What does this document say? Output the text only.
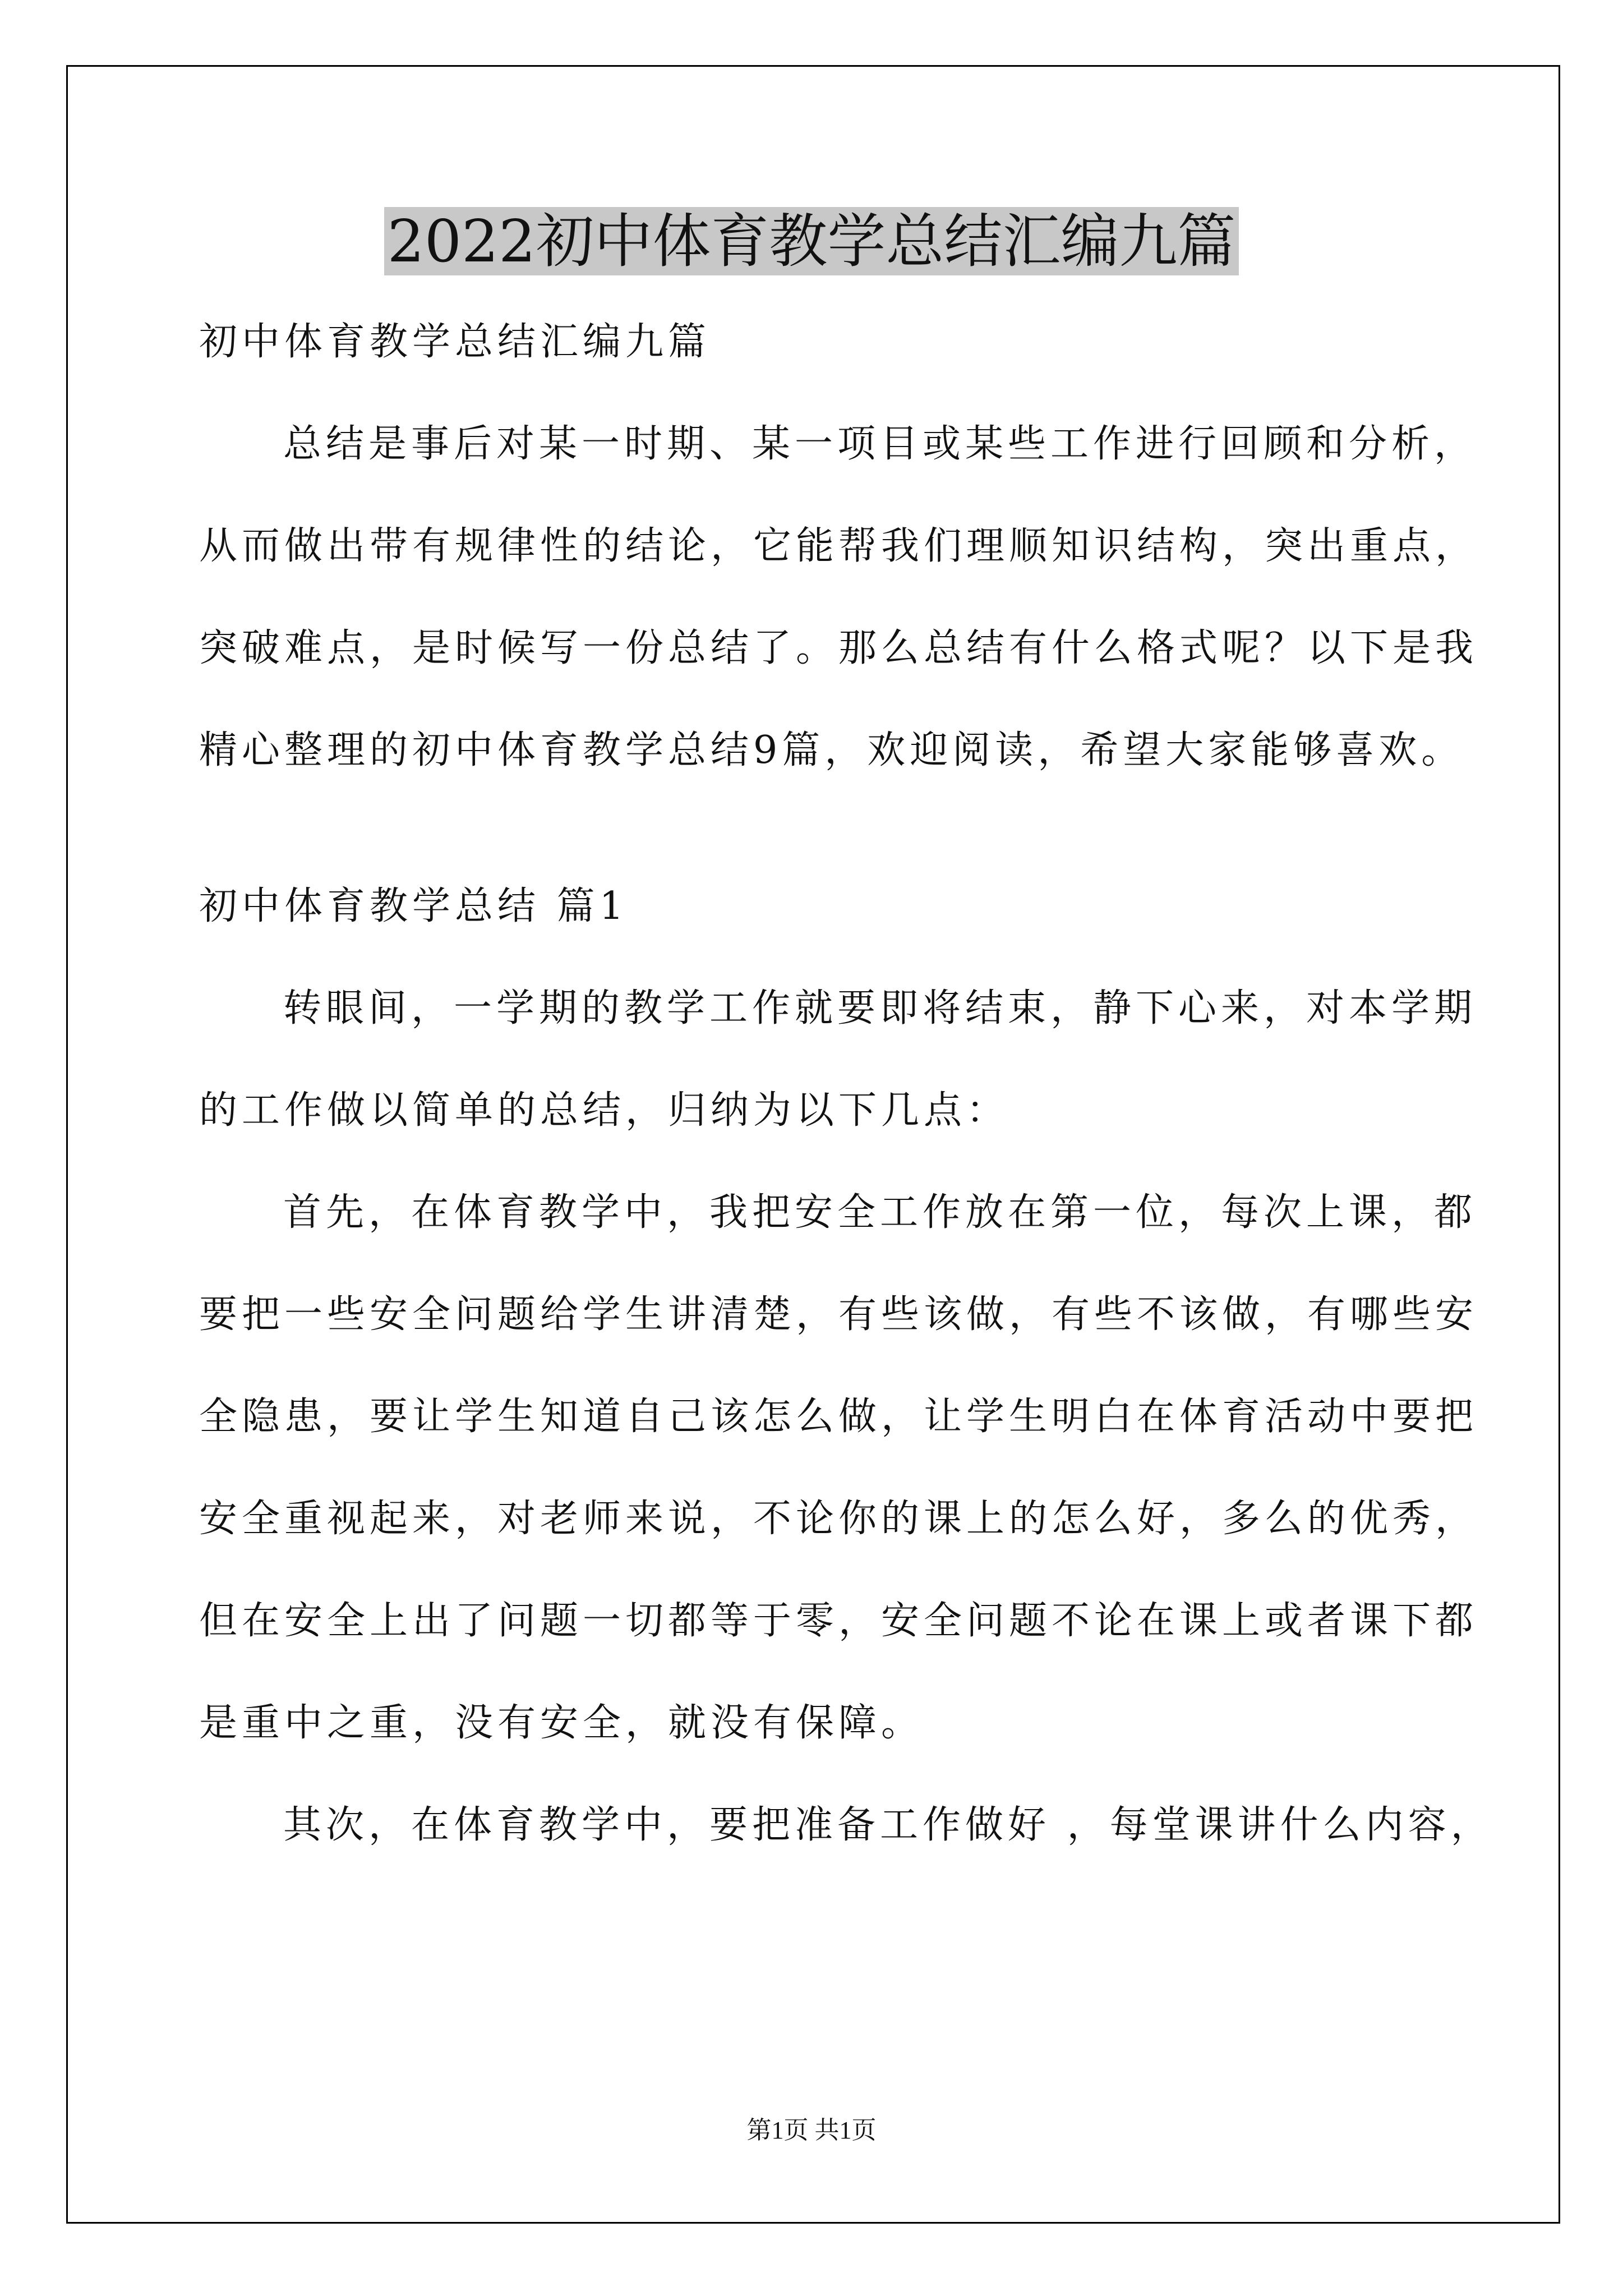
2022初中体育教学总结汇编九篇

初中体育教学总结汇编九篇

总结是事后对某一时期、某一项目或某些工作进行回顾和分析，

从而做出带有规律性的结论，它能帮我们理顺知识结构，突出重点，

突破难点，是时候写一份总结了。那么总结有什么格式呢？以下是我

精心整理的初中体育教学总结9篇，欢迎阅读，希望大家能够喜欢。

初中体育教学总结 篇1

转眼间，一学期的教学工作就要即将结束，静下心来，对本学期

的工作做以简单的总结，归纳为以下几点：

首先，在体育教学中，我把安全工作放在第一位，每次上课，都

要把一些安全问题给学生讲清楚，有些该做，有些不该做，有哪些安

全隐患，要让学生知道自己该怎么做，让学生明白在体育活动中要把

安全重视起来，对老师来说，不论你的课上的怎么好，多么的优秀，

但在安全上出了问题一切都等于零，安全问题不论在课上或者课下都

是重中之重，没有安全，就没有保障。

其次，在体育教学中，要把准备工作做好 ，每堂课讲什么内容，

第1页 共1页
